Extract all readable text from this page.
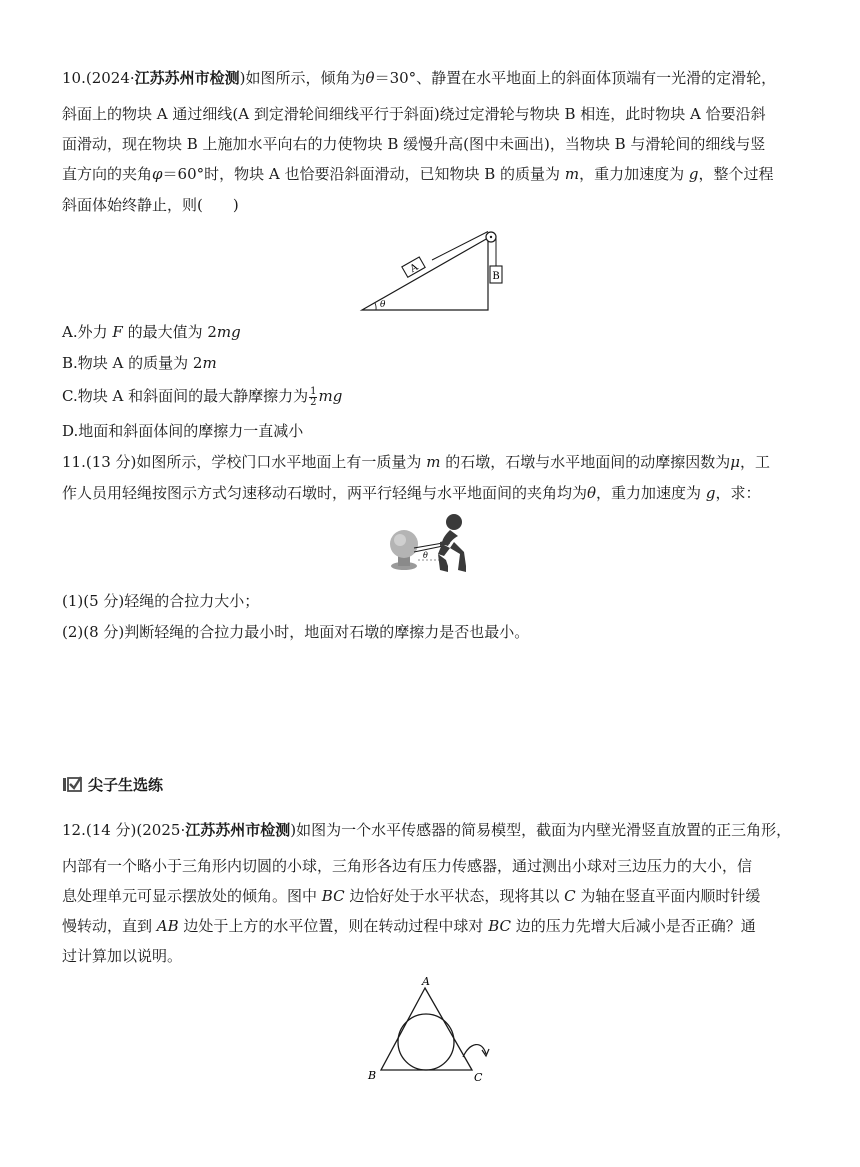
10.(2024·江苏苏州市检测)如图所示，倾角为θ＝30°、静置在水平地面上的斜面体顶端有一光滑的定滑轮，
斜面上的物块 A 通过细线(A 到定滑轮间细线平行于斜面)绕过定滑轮与物块 B 相连，此时物块 A 恰要沿斜
面滑动，现在物块 B 上施加水平向右的力使物块 B 缓慢升高(图中未画出)，当物块 B 与滑轮间的细线与竖
直方向的夹角φ＝60°时，物块 A 也恰要沿斜面滑动，已知物块 B 的质量为 m，重力加速度为 g，整个过程
斜面体始终静止，则(　　)
A
B
θ
A.外力 F 的最大值为 2mg
B.物块 A 的质量为 2m
C.物块 A 和斜面间的最大静摩擦力为 $\frac{1}{2}$ mg
D.地面和斜面体间的摩擦力一直减小
11.(13 分)如图所示，学校门口水平地面上有一质量为 m 的石墩，石墩与水平地面间的动摩擦因数为μ，工
作人员用轻绳按图示方式匀速移动石墩时，两平行轻绳与水平地面间的夹角均为θ，重力加速度为 g，求：
θ
(1)(5 分)轻绳的合拉力大小；
(2)(8 分)判断轻绳的合拉力最小时，地面对石墩的摩擦力是否也最小。
尖子生选练
12.(14 分)(2025·江苏苏州市检测)如图为一个水平传感器的简易模型，截面为内壁光滑竖直放置的正三角形，
内部有一个略小于三角形内切圆的小球，三角形各边有压力传感器，通过测出小球对三边压力的大小，信
息处理单元可显示摆放处的倾角。图中 BC 边恰好处于水平状态，现将其以 C 为轴在竖直平面内顺时针缓
慢转动，直到 AB 边处于上方的水平位置，则在转动过程中球对 BC 边的压力先增大后减小是否正确？通
过计算加以说明。
A
B	C
